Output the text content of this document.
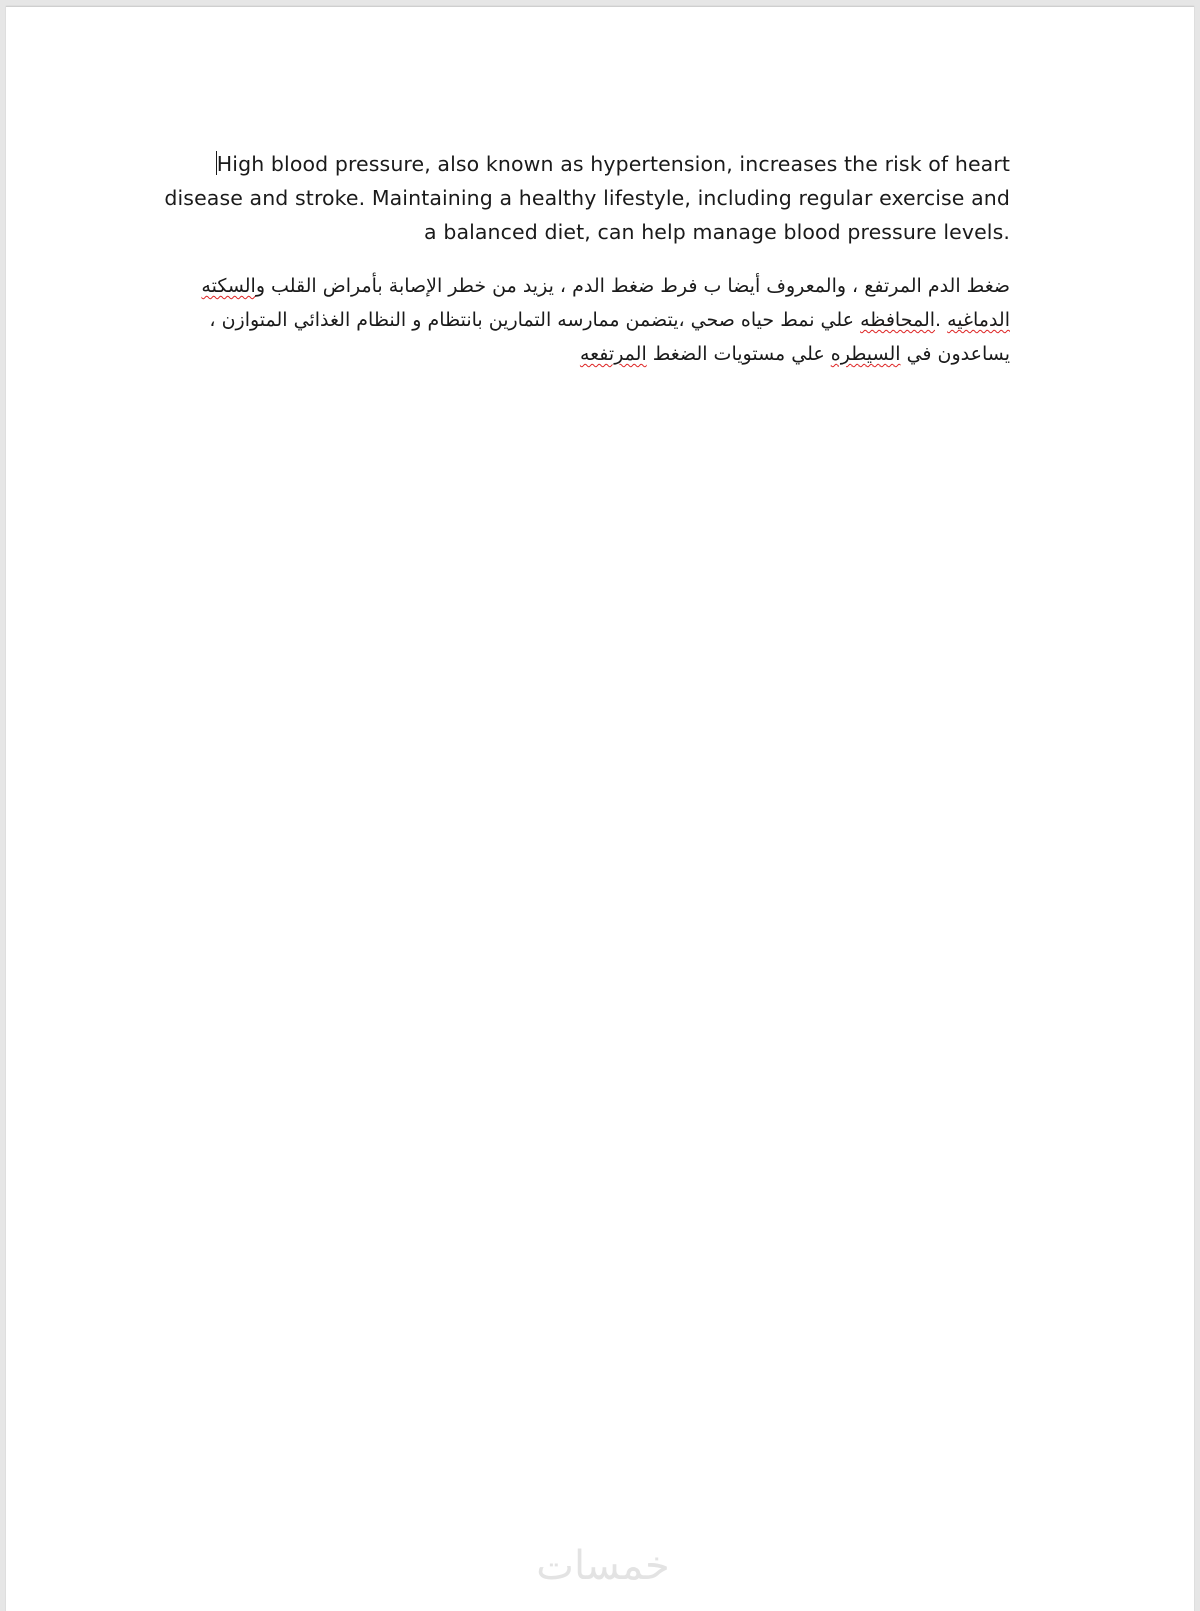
High blood pressure, also known as hypertension, increases the risk of heart
disease and stroke. Maintaining a healthy lifestyle, including regular exercise and
.a balanced diet, can help manage blood pressure levels
ضغط الدم المرتفع ، والمعروف أيضا ب فرط ضغط الدم ، يزيد من خطر الإصابة بأمراض القلب والسكته
الدماغيه .المحافظه علي نمط حياه صحي ،يتضمن ممارسه التمارين بانتظام و النظام الغذائي المتوازن ،
يساعدون في السيطره علي مستويات الضغط المرتفعه
خمسات
